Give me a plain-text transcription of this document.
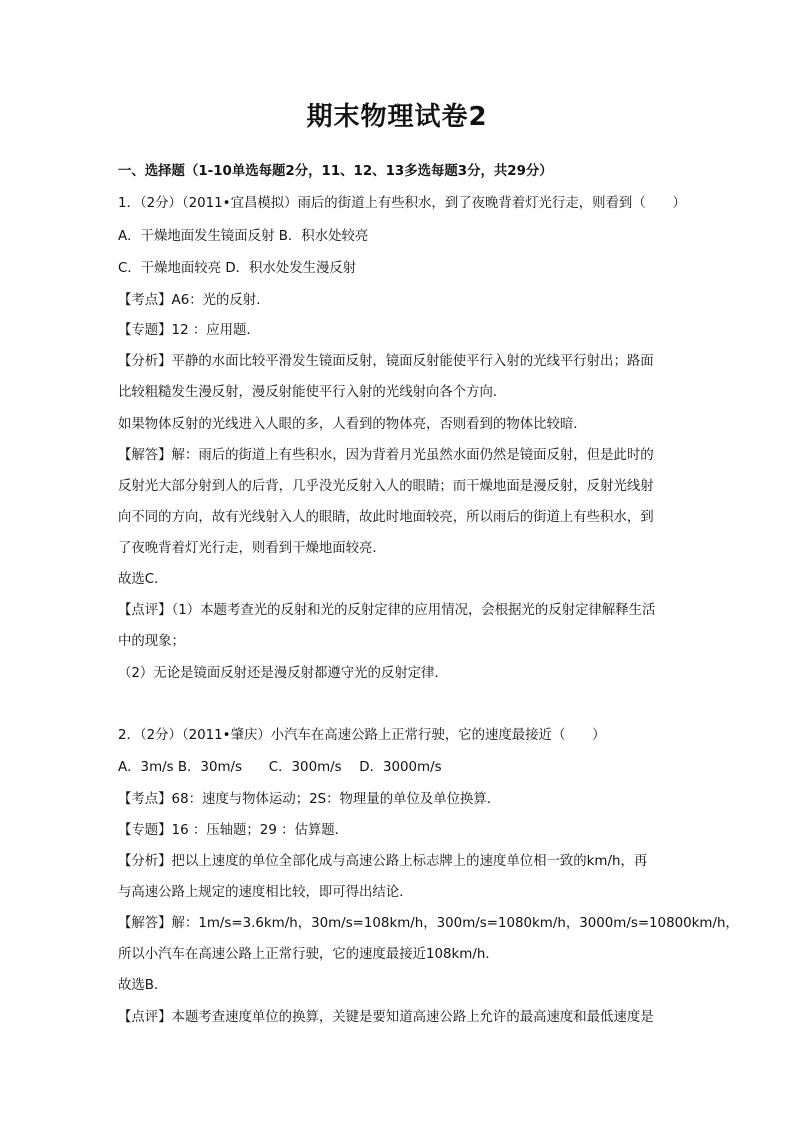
期末物理试卷2
一、选择题（1-10单选每题2分，11、12、13多选每题3分，共29分）
1．（2分）（2011•宜昌模拟）雨后的街道上有些积水，到了夜晚背着灯光行走，则看到（　　）
A．干燥地面发生镜面反射 B．积水处较亮
C．干燥地面较亮 D．积水处发生漫反射
【考点】A6：光的反射．
【专题】12 ：应用题．
【分析】平静的水面比较平滑发生镜面反射，镜面反射能使平行入射的光线平行射出；路面
比较粗糙发生漫反射，漫反射能使平行入射的光线射向各个方向．
如果物体反射的光线进入人眼的多，人看到的物体亮，否则看到的物体比较暗．
【解答】解：雨后的街道上有些积水，因为背着月光虽然水面仍然是镜面反射，但是此时的
反射光大部分射到人的后背，几乎没光反射入人的眼睛；而干燥地面是漫反射，反射光线射
向不同的方向，故有光线射入人的眼睛，故此时地面较亮，所以雨后的街道上有些积水，到
了夜晚背着灯光行走，则看到干燥地面较亮．
故选C．
【点评】（1）本题考查光的反射和光的反射定律的应用情况，会根据光的反射定律解释生活
中的现象；
（2）无论是镜面反射还是漫反射都遵守光的反射定律．
2．（2分）（2011•肇庆）小汽车在高速公路上正常行驶，它的速度最接近（　　）
A．3m/s B．30m/s　　C．300m/s　 D．3000m/s
【考点】68：速度与物体运动；2S：物理量的单位及单位换算．
【专题】16 ：压轴题；29 ：估算题．
【分析】把以上速度的单位全部化成与高速公路上标志牌上的速度单位相一致的km/h，再
与高速公路上规定的速度相比较，即可得出结论．
【解答】解：1m/s=3.6km/h，30m/s=108km/h，300m/s=1080km/h，3000m/s=10800km/h，
所以小汽车在高速公路上正常行驶，它的速度最接近108km/h．
故选B．
【点评】本题考查速度单位的换算，关键是要知道高速公路上允许的最高速度和最低速度是
